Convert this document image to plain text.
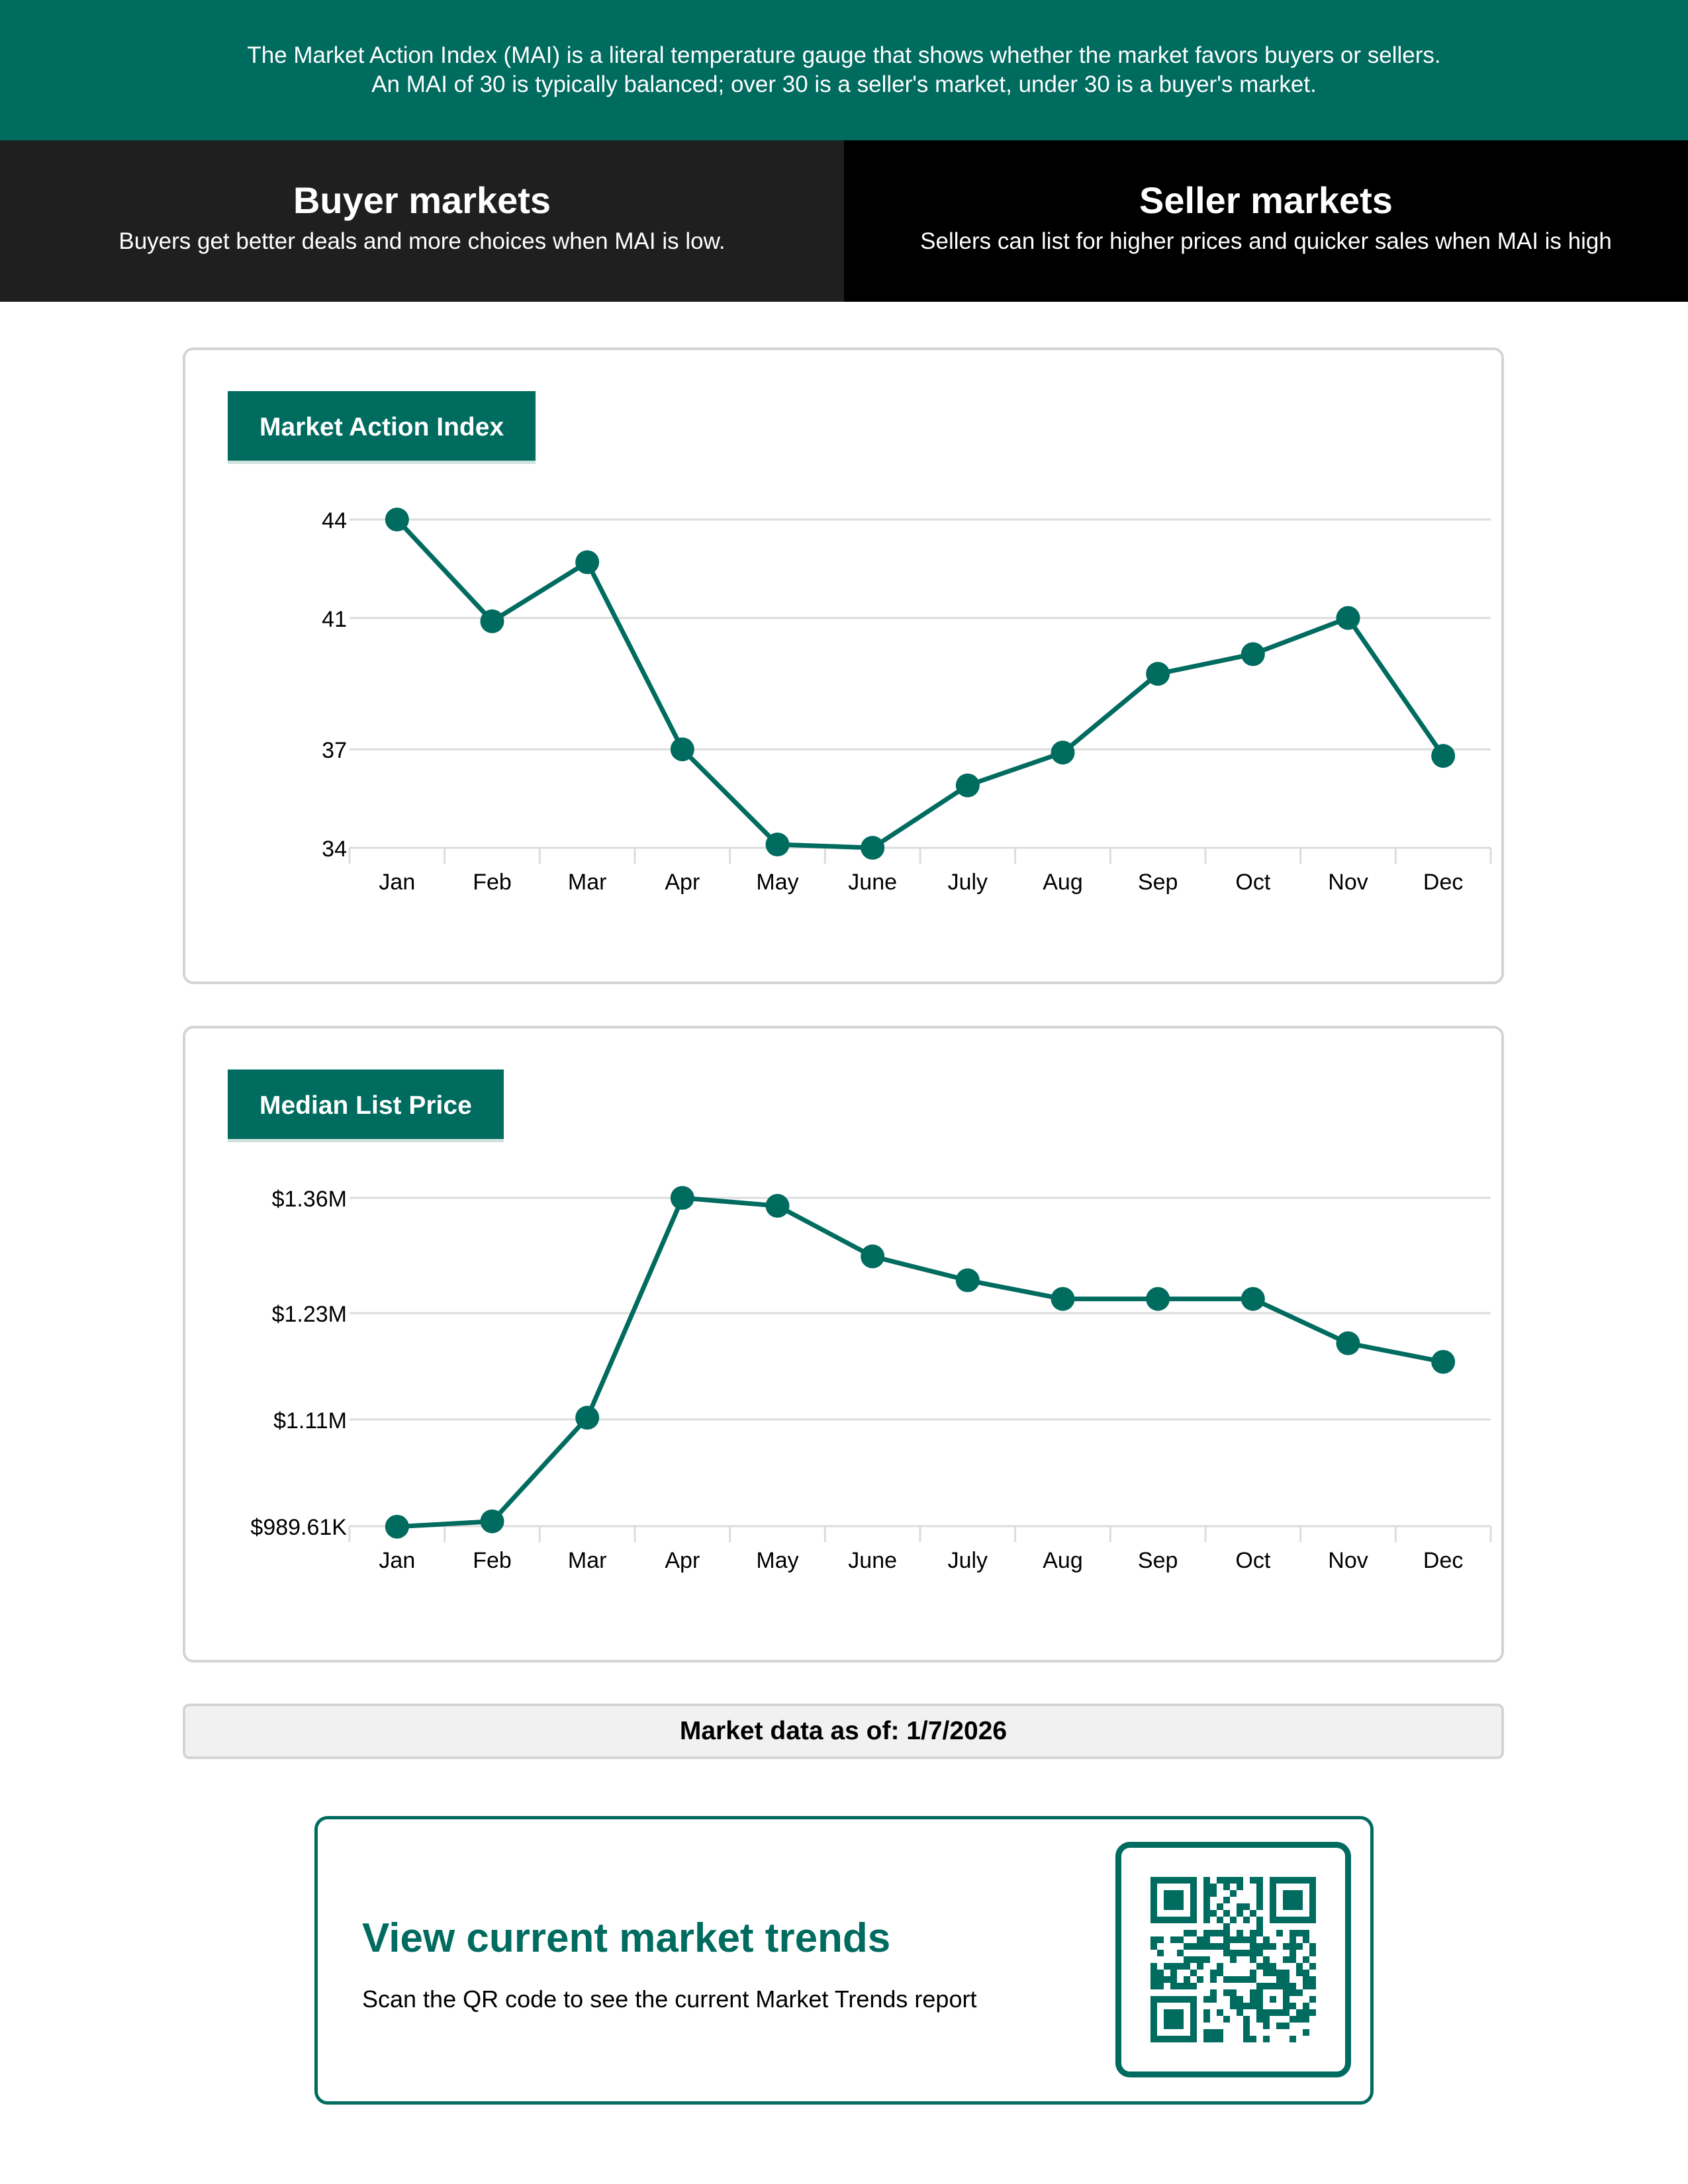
The Market Action Index (MAI) is a literal temperature gauge that shows whether the market favors buyers or sellers.
An MAI of 30 is typically balanced; over 30 is a seller's market, under 30 is a buyer's market.
Buyer markets
Buyers get better deals and more choices when MAI is low.
Seller markets
Sellers can list for higher prices and quicker sales when MAI is high
Market Action Index
34
37
41
44
Jan	Feb	Mar	Apr	May June July Aug Sep	Oct	Nov Dec
Median List Price
$989.61K
$1.11M
$1.23M
$1.36M
Jan	Feb	Mar	Apr	May June July Aug Sep	Oct	Nov Dec
Market data as of: 1/7/2026
View current market trends
Scan the QR code to see the current Market Trends report
